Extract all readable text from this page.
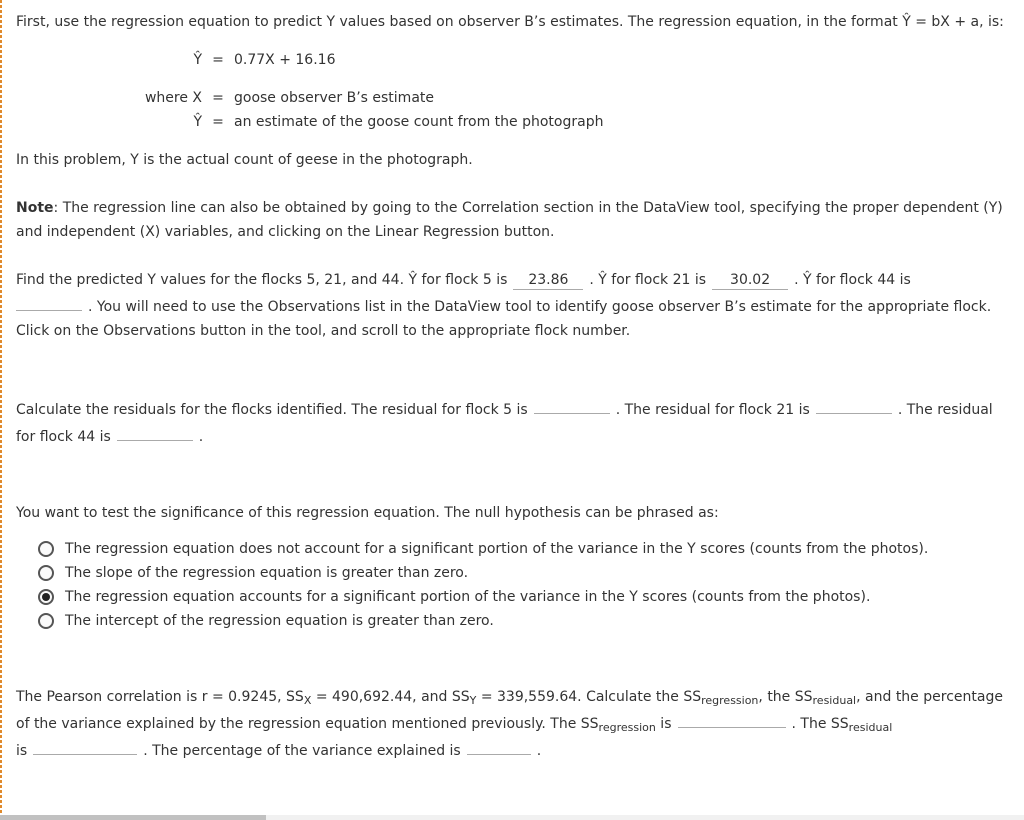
First, use the regression equation to predict Y values based on observer B’s estimates. The regression equation, in the format Ŷ = bX + a, is:

Ŷ = 0.77X + 16.16
where X = goose observer B’s estimate
Ŷ = an estimate of the goose count from the photograph

In this problem, Y is the actual count of geese in the photograph.

Note: The regression line can also be obtained by going to the Correlation section in the DataView tool, specifying the proper dependent (Y) and independent (X) variables, and clicking on the Linear Regression button.

Find the predicted Y values for the flocks 5, 21, and 44. Ŷ for flock 5 is 23.86 . Ŷ for flock 21 is 30.02 . Ŷ for flock 44 is
. You will need to use the Observations list in the DataView tool to identify goose observer B’s estimate for the appropriate flock. Click on the Observations button in the tool, and scroll to the appropriate flock number.

Calculate the residuals for the flocks identified. The residual for flock 5 is	. The residual for flock 21 is	. The residual for flock 44 is	.

You want to test the significance of this regression equation. The null hypothesis can be phrased as:

The regression equation does not account for a significant portion of the variance in the Y scores (counts from the photos).
The slope of the regression equation is greater than zero.
The regression equation accounts for a significant portion of the variance in the Y scores (counts from the photos).
The intercept of the regression equation is greater than zero.

The Pearson correlation is r = 0.9245, $SS_X = 490,692.44$, and $SS_Y = 339,559.64$. Calculate the $SS_{regression}$, the $SS_{residual}$, and the percentage of the variance explained by the regression equation mentioned previously. The $SS_{regression}$ is	. The $SS_{residual}$
is	. The percentage of the variance explained is	.
